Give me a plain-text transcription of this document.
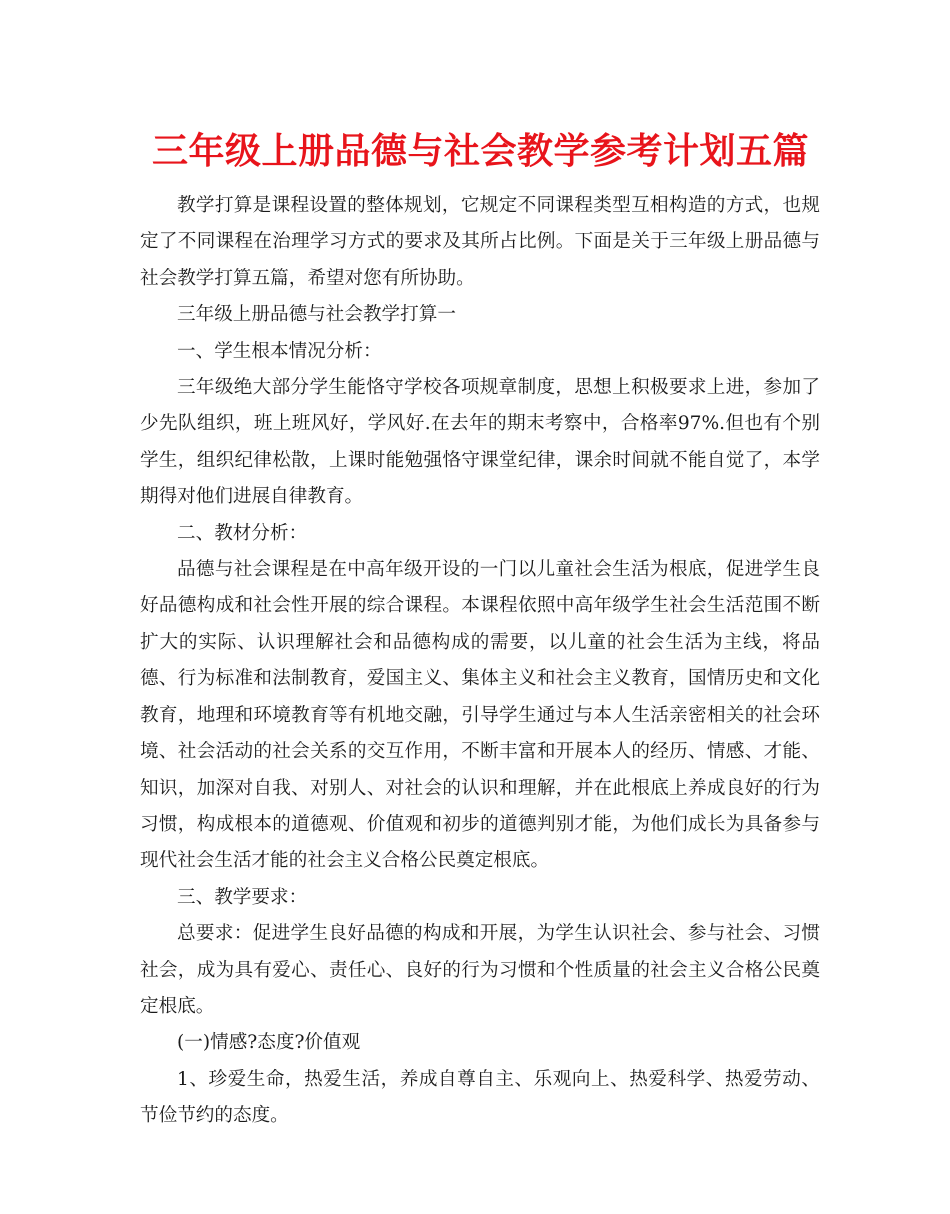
三年级上册品德与社会教学参考计划五篇

教学打算是课程设置的整体规划，它规定不同课程类型互相构造的方式，也规定了不同课程在治理学习方式的要求及其所占比例。下面是关于三年级上册品德与社会教学打算五篇，希望对您有所协助。

三年级上册品德与社会教学打算一

一、学生根本情况分析：

三年级绝大部分学生能恪守学校各项规章制度，思想上积极要求上进，参加了少先队组织，班上班风好，学风好.在去年的期末考察中，合格率97%.但也有个别学生，组织纪律松散，上课时能勉强恪守课堂纪律，课余时间就不能自觉了，本学期得对他们进展自律教育。

二、教材分析：

品德与社会课程是在中高年级开设的一门以儿童社会生活为根底，促进学生良好品德构成和社会性开展的综合课程。本课程依照中高年级学生社会生活范围不断扩大的实际、认识理解社会和品德构成的需要，以儿童的社会生活为主线，将品德、行为标准和法制教育，爱国主义、集体主义和社会主义教育，国情历史和文化教育，地理和环境教育等有机地交融，引导学生通过与本人生活亲密相关的社会环境、社会活动的社会关系的交互作用，不断丰富和开展本人的经历、情感、才能、知识，加深对自我、对别人、对社会的认识和理解，并在此根底上养成良好的行为习惯，构成根本的道德观、价值观和初步的道德判别才能，为他们成长为具备参与现代社会生活才能的社会主义合格公民奠定根底。

三、教学要求：

总要求：促进学生良好品德的构成和开展，为学生认识社会、参与社会、习惯社会，成为具有爱心、责任心、良好的行为习惯和个性质量的社会主义合格公民奠定根底。

(一)情感?态度?价值观

1、珍爱生命，热爱生活，养成自尊自主、乐观向上、热爱科学、热爱劳动、节俭节约的态度。
